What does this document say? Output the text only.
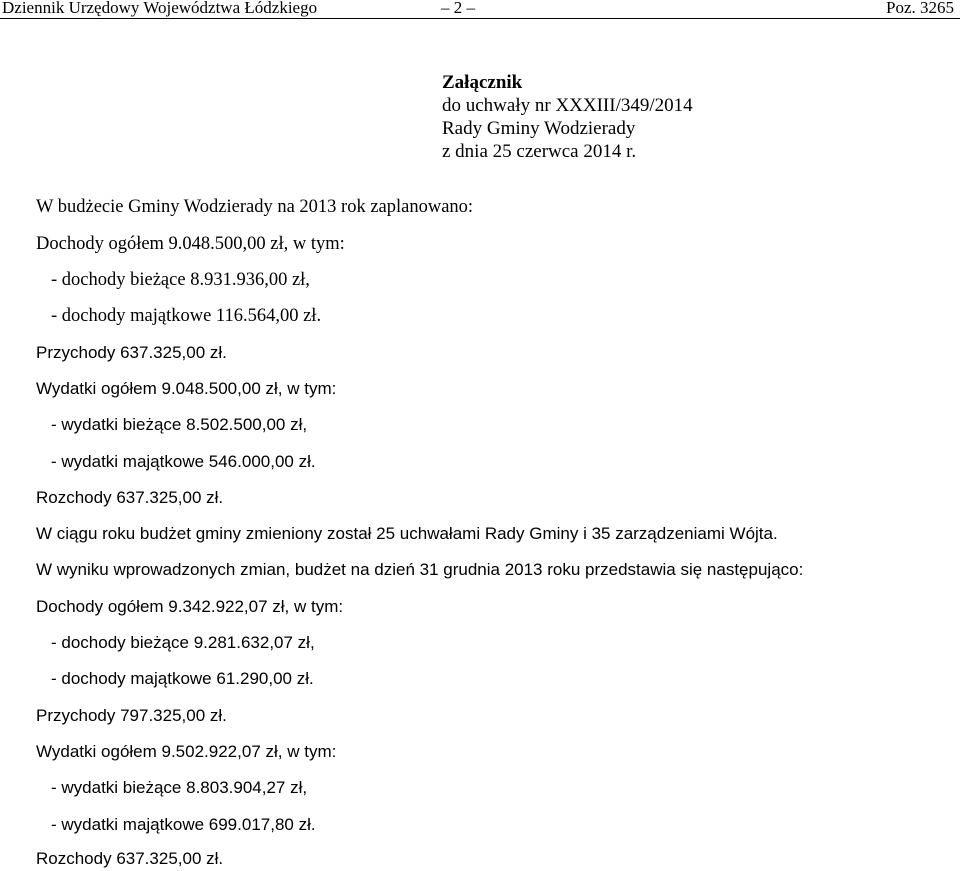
Dziennik Urzędowy Województwa Łódzkiego	– 2 –	Poz. 3265
Załącznik
do uchwały nr XXXIII/349/2014
Rady Gminy Wodzierady
z dnia 25 czerwca 2014 r.
W budżecie Gminy Wodzierady na 2013 rok zaplanowano:
Dochody ogółem 9.048.500,00 zł, w tym:
- dochody bieżące 8.931.936,00 zł,
- dochody majątkowe 116.564,00 zł.
Przychody 637.325,00 zł.
Wydatki ogółem 9.048.500,00 zł, w tym:
- wydatki bieżące 8.502.500,00 zł,
- wydatki majątkowe 546.000,00 zł.
Rozchody 637.325,00 zł.
W ciągu roku budżet gminy zmieniony został 25 uchwałami Rady Gminy i 35 zarządzeniami Wójta.
W wyniku wprowadzonych zmian, budżet na dzień 31 grudnia 2013 roku przedstawia się następująco:
Dochody ogółem 9.342.922,07 zł, w tym:
- dochody bieżące 9.281.632,07 zł,
- dochody majątkowe 61.290,00 zł.
Przychody 797.325,00 zł.
Wydatki ogółem 9.502.922,07 zł, w tym:
- wydatki bieżące 8.803.904,27 zł,
- wydatki majątkowe 699.017,80 zł.
Rozchody 637.325,00 zł.
